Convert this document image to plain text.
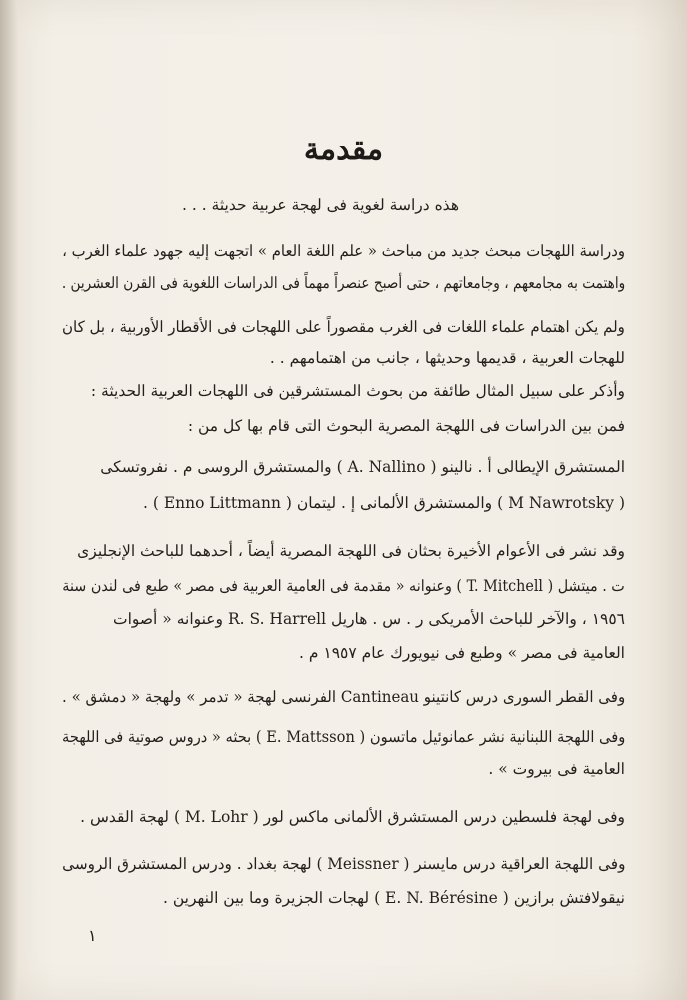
مقدمة
هذه دراسة لغوية فى لهجة عربية حديثة . . .
ودراسة اللهجات مبحث جديد من مباحث « علم اللغة العام » اتجهت إليه جهود علماء الغرب ،
واهتمت به مجامعهم ، وجامعاتهم ، حتى أصبح عنصراً مهماً فى الدراسات اللغوية فى القرن العشرين .
ولم يكن اهتمام علماء اللغات فى الغرب مقصوراً على اللهجات فى الأقطار الأوربية ، بل كان
للهجات العربية ، قديمها وحديثها ، جانب من اهتمامهم . .
وأذكر على سبيل المثال طائفة من بحوث المستشرقين فى اللهجات العربية الحديثة :
فمن بين الدراسات فى اللهجة المصرية البحوث التى قام بها كل من :
المستشرق الإيطالى أ . نالينو ( A. Nallino ) والمستشرق الروسى م . نفروتسكى
( M Nawrotsky ) والمستشرق الألمانى إ . ليتمان ( Enno Littmann ) .
وقد نشر فى الأعوام الأخيرة بحثان فى اللهجة المصرية أيضاً ، أحدهما للباحث الإنجليزى
ت . ميتشل ( T. Mitchell ) وعنوانه « مقدمة فى العامية العربية فى مصر » طبع فى لندن سنة
١٩٥٦ ، والآخر للباحث الأمريكى ر . س . هاريل R. S. Harrell وعنوانه « أصوات
العامية فى مصر » وطبع فى نيويورك عام ١٩٥٧ م .
وفى القطر السورى درس كانتينو Cantineau الفرنسى لهجة « تدمر » ولهجة « دمشق » .
وفى اللهجة اللبنانية نشر عمانوئيل ماتسون ( E. Mattsson ) بحثه « دروس صوتية فى اللهجة
العامية فى بيروت » .
وفى لهجة فلسطين درس المستشرق الألمانى ماكس لور ( M. Lohr ) لهجة القدس .
وفى اللهجة العراقية درس مايسنر ( Meissner ) لهجة بغداد . ودرس المستشرق الروسى
نيقولافتش برازين ( E. N. Bérésine ) لهجات الجزيرة وما بين النهرين .
١
